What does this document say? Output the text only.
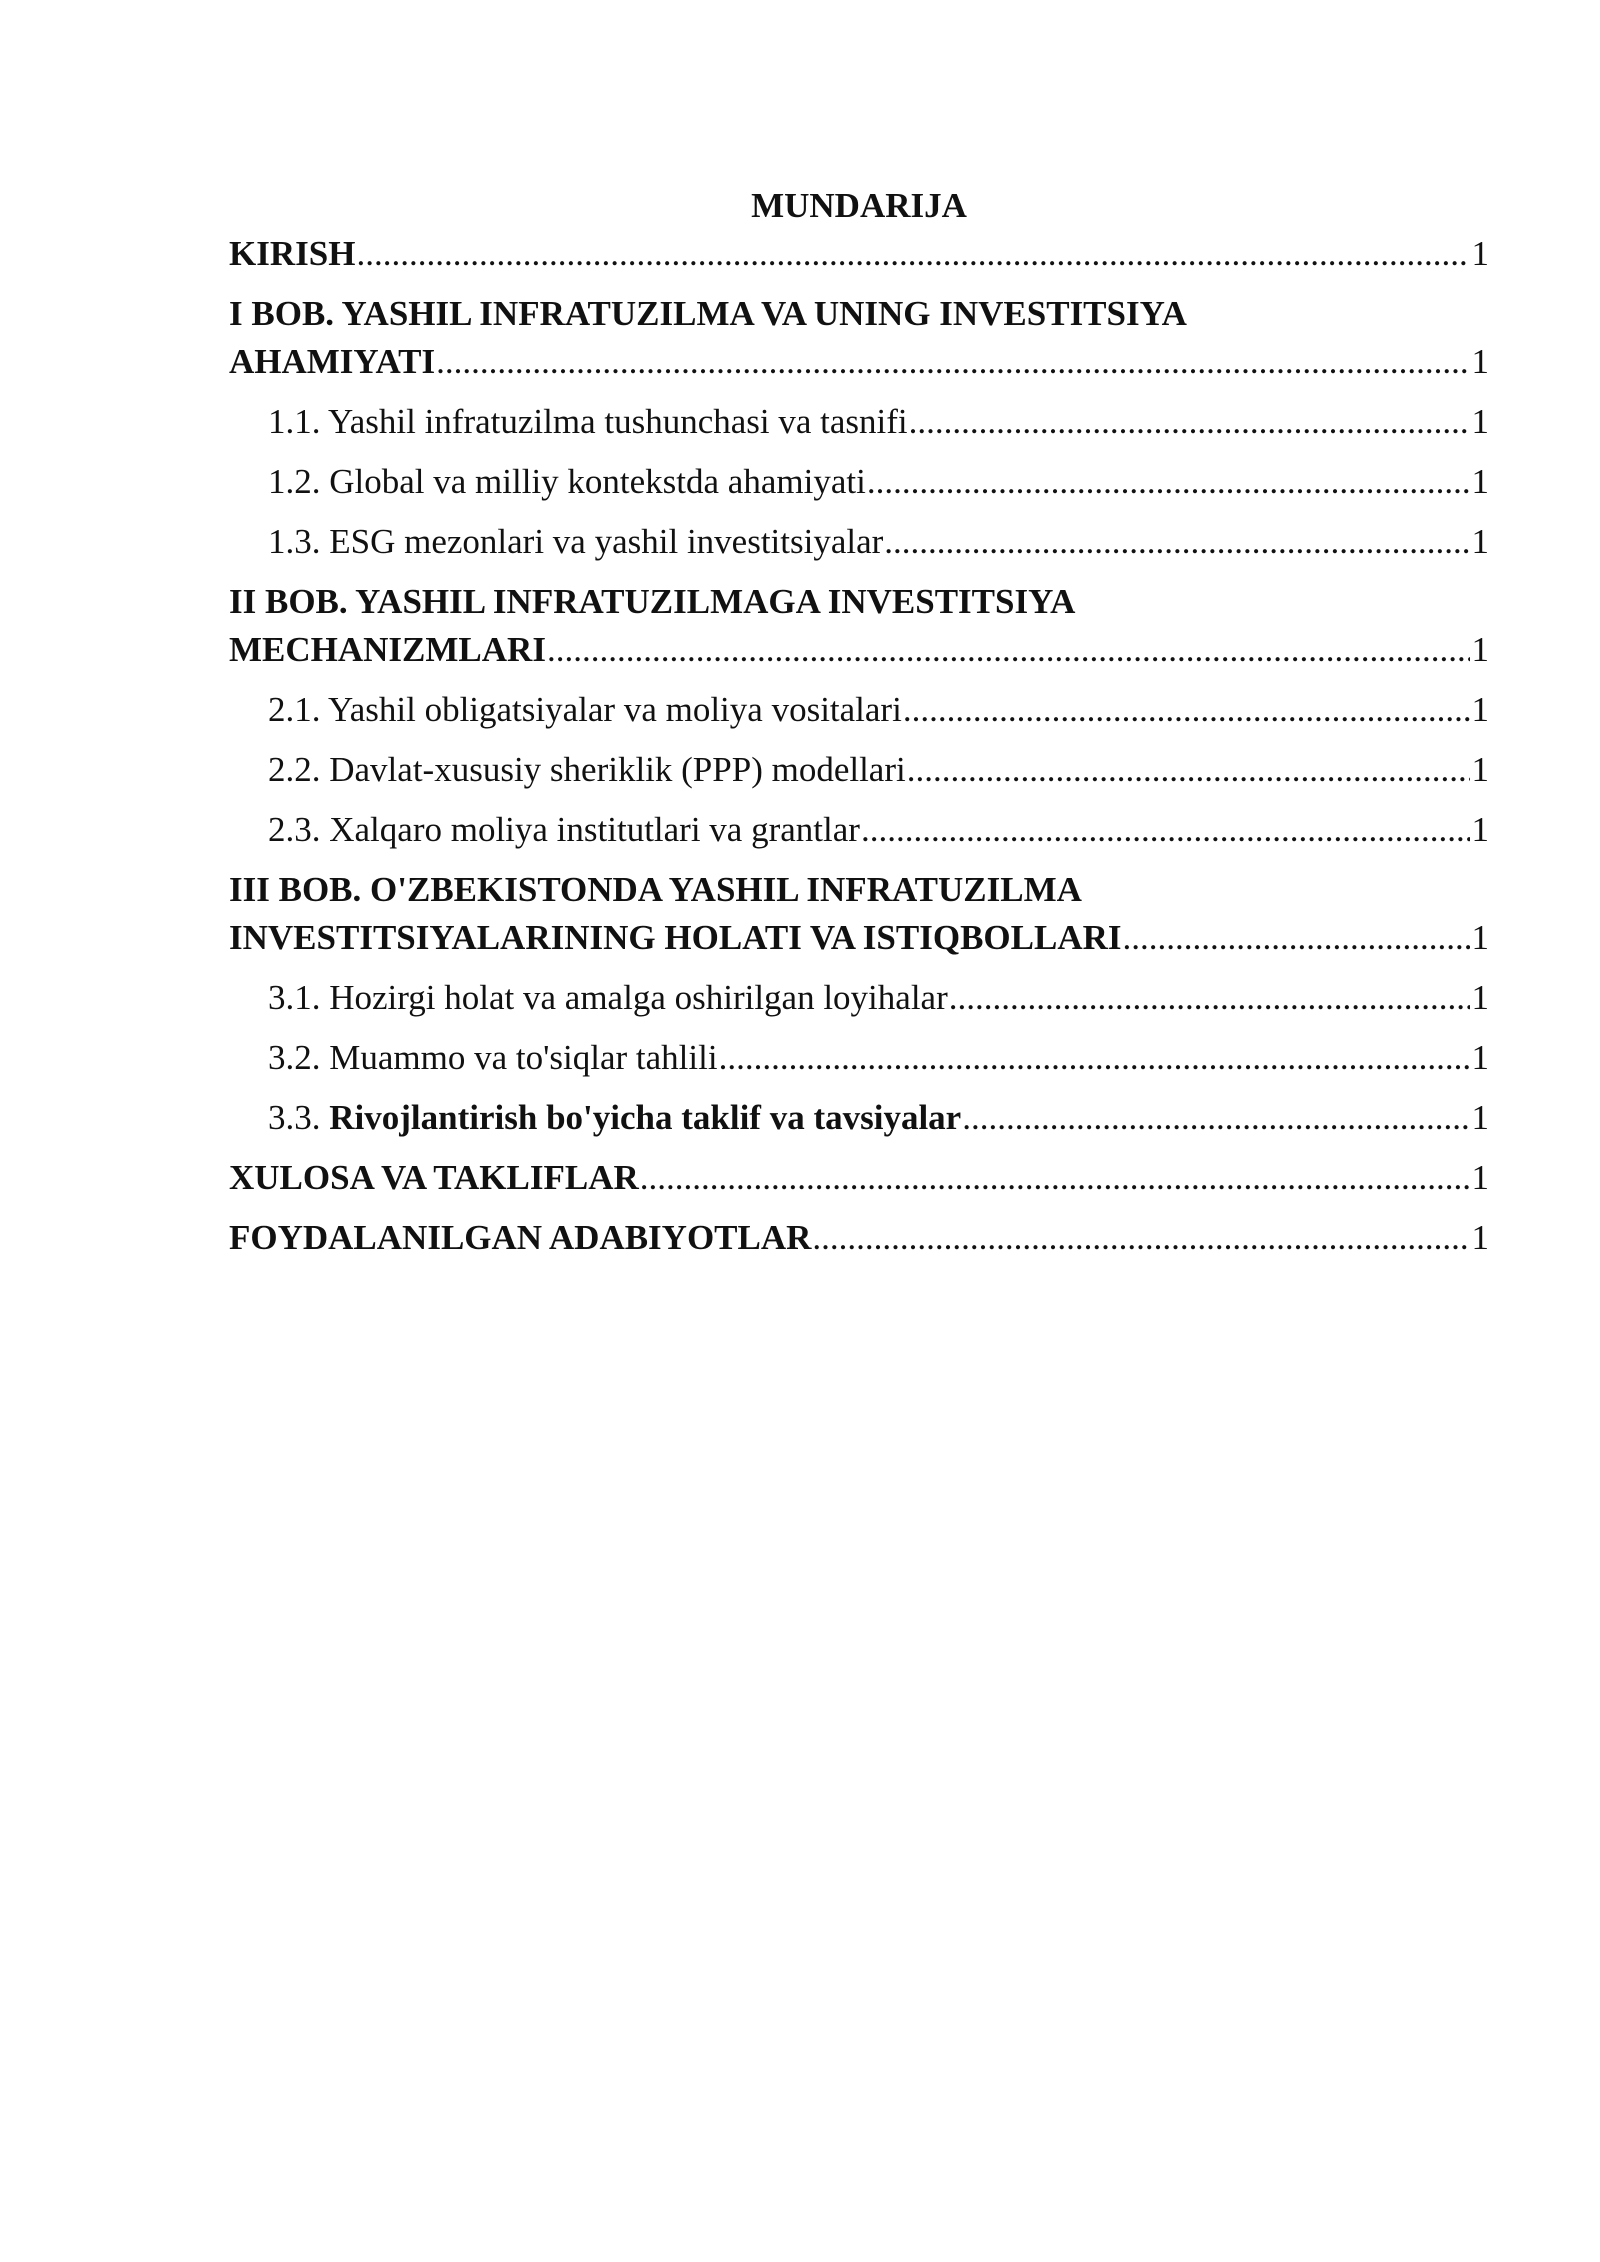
MUNDARIJA
KIRISH .....	1
I BOB. YASHIL INFRATUZILMA VA UNING INVESTITSIYA
AHAMIYATI .....	1
1.1. Yashil infratuzilma tushunchasi va tasnifi .....	1
1.2. Global va milliy kontekstda ahamiyati .....	1
1.3. ESG mezonlari va yashil investitsiyalar .....	1
II BOB. YASHIL INFRATUZILMAGA INVESTITSIYA
MECHANIZMLARI .....	1
2.1. Yashil obligatsiyalar va moliya vositalari .....	1
2.2. Davlat-xususiy sheriklik (PPP) modellari .....	1
2.3. Xalqaro moliya institutlari va grantlar .....	1
III BOB. O'ZBEKISTONDA YASHIL INFRATUZILMA
INVESTITSIYALARINING HOLATI VA ISTIQBOLLARI .....	1
3.1. Hozirgi holat va amalga oshirilgan loyihalar .....	1
3.2. Muammo va to'siqlar tahlili .....	1
3.3. Rivojlantirish bo'yicha taklif va tavsiyalar .....	1
XULOSA VA TAKLIFLAR .....	1
FOYDALANILGAN ADABIYOTLAR .....	1
